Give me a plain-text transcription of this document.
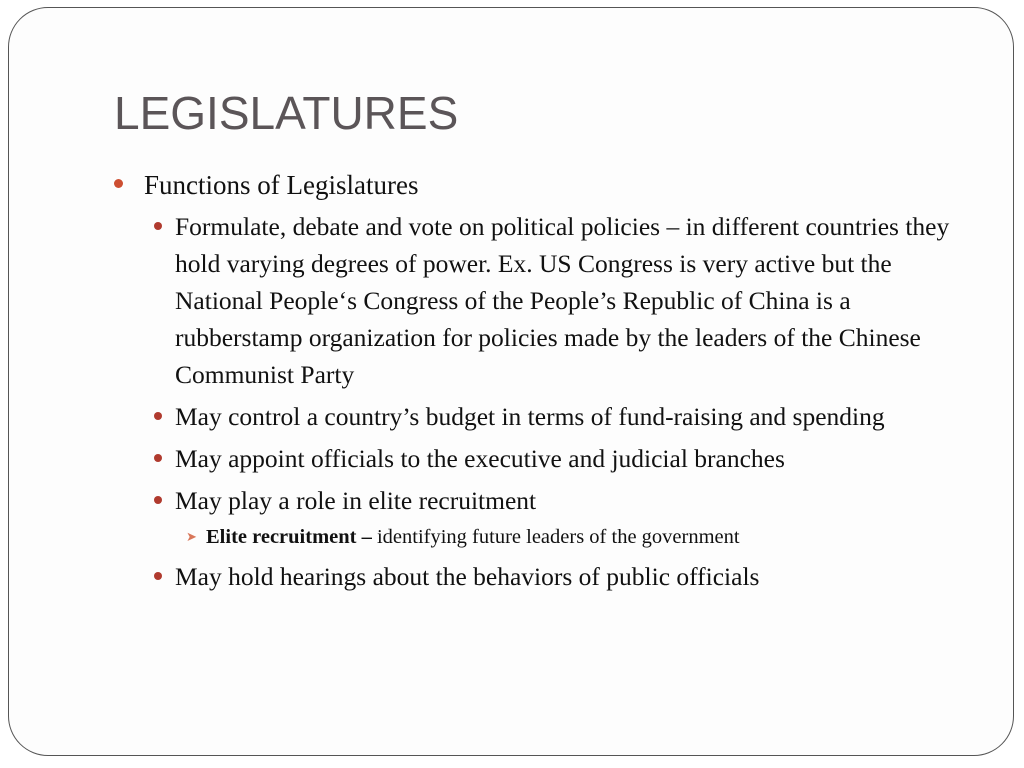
LEGISLATURES
Functions of Legislatures
Formulate, debate and vote on political policies – in different countries they hold varying degrees of power. Ex. US Congress is very active but the National People‘s Congress of the People’s Republic of China is a rubberstamp organization for policies made by the leaders of the Chinese Communist Party
May control a country’s budget in terms of fund-raising and spending
May appoint officials to the executive and judicial branches
May play a role in elite recruitment
➤ Elite recruitment – identifying future leaders of the government
May hold hearings about the behaviors of public officials
